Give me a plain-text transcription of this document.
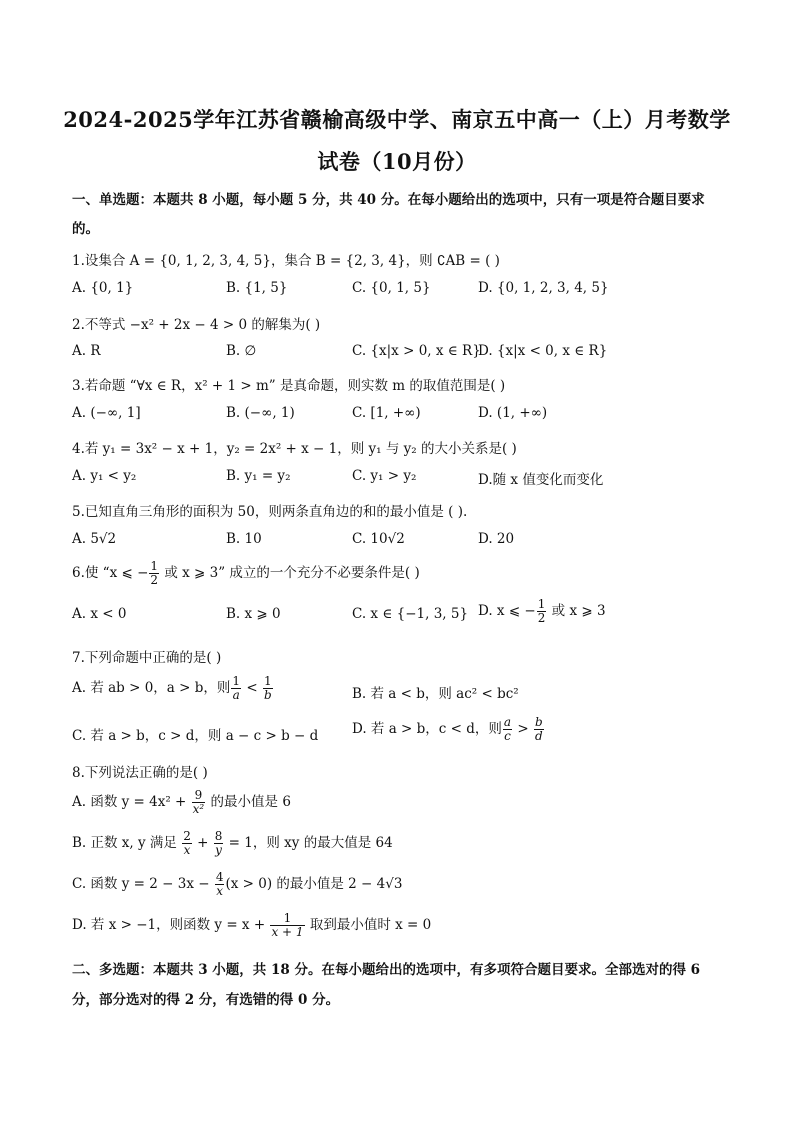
2024-2025学年江苏省赣榆高级中学、南京五中高一（上）月考数学
试卷（10月份）
一、单选题：本题共 8 小题，每小题 5 分，共 40 分。在每小题给出的选项中，只有一项是符合题目要求
的。
1.设集合 A = {0, 1, 2, 3, 4, 5}，集合 B = {2, 3, 4}，则 ∁AB = ( )
A. {0, 1}	B. {1, 5}	C. {0, 1, 5}	D. {0, 1, 2, 3, 4, 5}
2.不等式 −x² + 2x − 4 > 0 的解集为( )
A. R	B. ∅	C. {x|x > 0, x ∈ R}
D. {x|x < 0, x ∈ R}
3.若命题 “∀x ∈ R，x² + 1 > m” 是真命题，则实数 m 的取值范围是( )
A. (−∞, 1]	B. (−∞, 1)	C. [1, +∞)	D. (1, +∞)
4.若 y₁ = 3x² − x + 1，y₂ = 2x² + x − 1，则 y₁ 与 y₂ 的大小关系是( )
A. y₁ < y₂	B. y₁ = y₂	C. y₁ > y₂	D.随 x 值变化而变化
5.已知直角三角形的面积为 50，则两条直角边的和的最小值是 ( ).
A. 5√2	B. 10	C. 10√2	D. 20
6.使 “x ⩽ − $\frac{1}{2}$ 或 x ⩾ 3” 成立的一个充分不必要条件是( )
A. x < 0	B. x ⩾ 0	C. x ∈ {−1, 3, 5} D. x ⩽ − $\frac{1}{2}$ 或 x ⩾ 3
7.下列命题中正确的是( )
A. 若 ab > 0，a > b，则 $\frac{1}{a} < \frac{1}{b}$	B. 若 a < b，则 ac² < bc²
C. 若 a > b，c > d，则 a − c > b − d D. 若 a > b，c < d，则 $\frac{a}{c} > \frac{b}{d}$
8.下列说法正确的是( )
A. 函数 $y = 4x^2 + \frac{9}{\text{x²}}$ 的最小值是 6
B. 正数 x, y 满足 $\frac{2}{x} + \frac{8}{y} = 1$，则 xy 的最大值是 64
C. 函数 $y = 2 - 3x - \frac{4}{x} (x > 0)$ 的最小值是 2 − 4√3
D. 若 x > −1，则函数 $y = x + \frac{1}{x + 1}$ 取到最小值时 x = 0
二、多选题：本题共 3 小题，共 18 分。在每小题给出的选项中，有多项符合题目要求。全部选对的得 6
分，部分选对的得 2 分，有选错的得 0 分。
